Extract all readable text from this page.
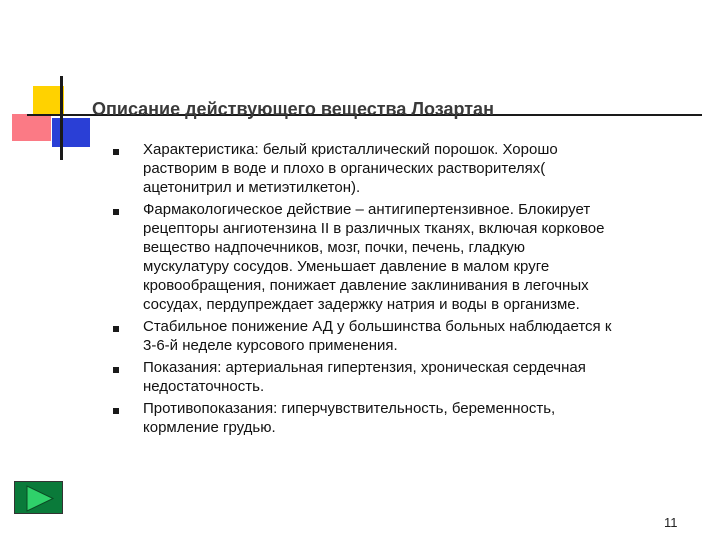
Описание действующего вещества Лозартан
Характеристика: белый кристаллический порошок. Хорошо
растворим в воде и плохо в органических растворителях(
ацетонитрил и метиэтилкетон).
Фармакологическое действие – антигипертензивное. Блокирует
рецепторы ангиотензина II в различных тканях, включая корковое
вещество надпочечников, мозг, почки, печень, гладкую
мускулатуру сосудов. Уменьшает давление в малом круге
кровообращения, понижает давление заклинивания в легочных
сосудах, пердупреждает задержку натрия и воды в организме.
Стабильное понижение АД у большинства больных наблюдается к
3-6-й неделе курсового применения.
Показания: артериальная гипертензия, хроническая сердечная
недостаточность.
Противопоказания: гиперчувствительность, беременность,
кормление грудью.
11
